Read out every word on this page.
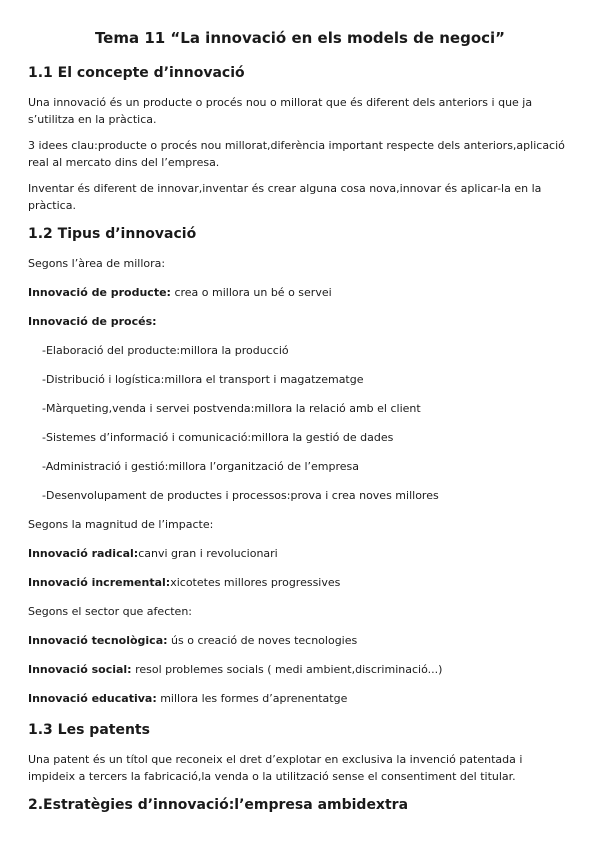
Tema 11 “La innovació en els models de negoci”
1.1 El concepte d’innovació
Una innovació és un producte o procés nou o millorat que és diferent dels anteriors i que ja s’utilitza en la pràctica.
3 idees clau:producte o procés nou millorat,diferència important respecte dels anteriors,aplicació real al mercato dins del l’empresa.
Inventar és diferent de innovar,inventar és crear alguna cosa nova,innovar és aplicar-la en la pràctica.
1.2 Tipus d’innovació
Segons l’àrea de millora:
Innovació de producte: crea o millora un bé o servei
Innovació de procés:
-Elaboració del producte:millora la producció
-Distribució i logística:millora el transport i magatzematge
-Màrqueting,venda i servei postvenda:millora la relació amb el client
-Sistemes d’informació i comunicació:millora la gestió de dades
-Administració i gestió:millora l’organització de l’empresa
-Desenvolupament de productes i processos:prova i crea noves millores
Segons la magnitud de l’impacte:
Innovació radical:canvi gran i revolucionari
Innovació incremental:xicotetes millores progressives
Segons el sector que afecten:
Innovació tecnològica: ús o creació de noves tecnologies
Innovació social: resol problemes socials ( medi ambient,discriminació...)
Innovació educativa: millora les formes d’aprenentatge
1.3 Les patents
Una patent és un títol que reconeix el dret d’explotar en exclusiva la invenció patentada i impideix a tercers la fabricació,la venda o la utilització sense el consentiment del titular.
2.Estratègies d’innovació:l’empresa ambidextra
